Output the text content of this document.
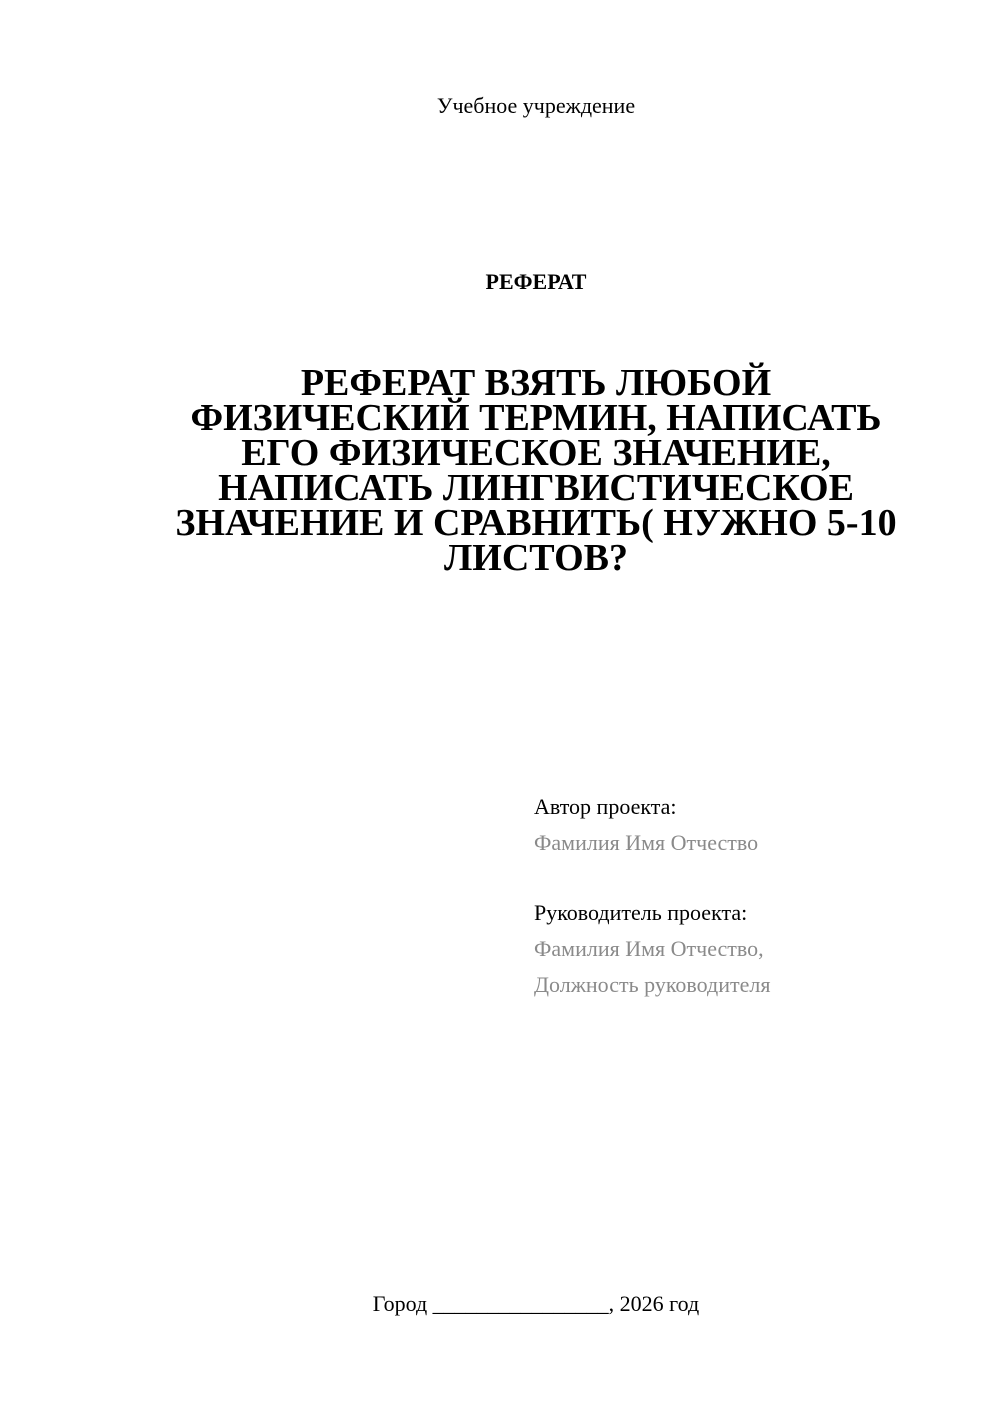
Учебное учреждение
РЕФЕРАТ
РЕФЕРАТ ВЗЯТЬ ЛЮБОЙ
ФИЗИЧЕСКИЙ ТЕРМИН, НАПИСАТЬ
ЕГО ФИЗИЧЕСКОЕ ЗНАЧЕНИЕ,
НАПИСАТЬ ЛИНГВИСТИЧЕСКОЕ
ЗНАЧЕНИЕ И СРАВНИТЬ( НУЖНО 5-10
ЛИСТОВ?
Автор проекта:
Фамилия Имя Отчество
Руководитель проекта:
Фамилия Имя Отчество,
Должность руководителя
Город ________________, 2026 год
